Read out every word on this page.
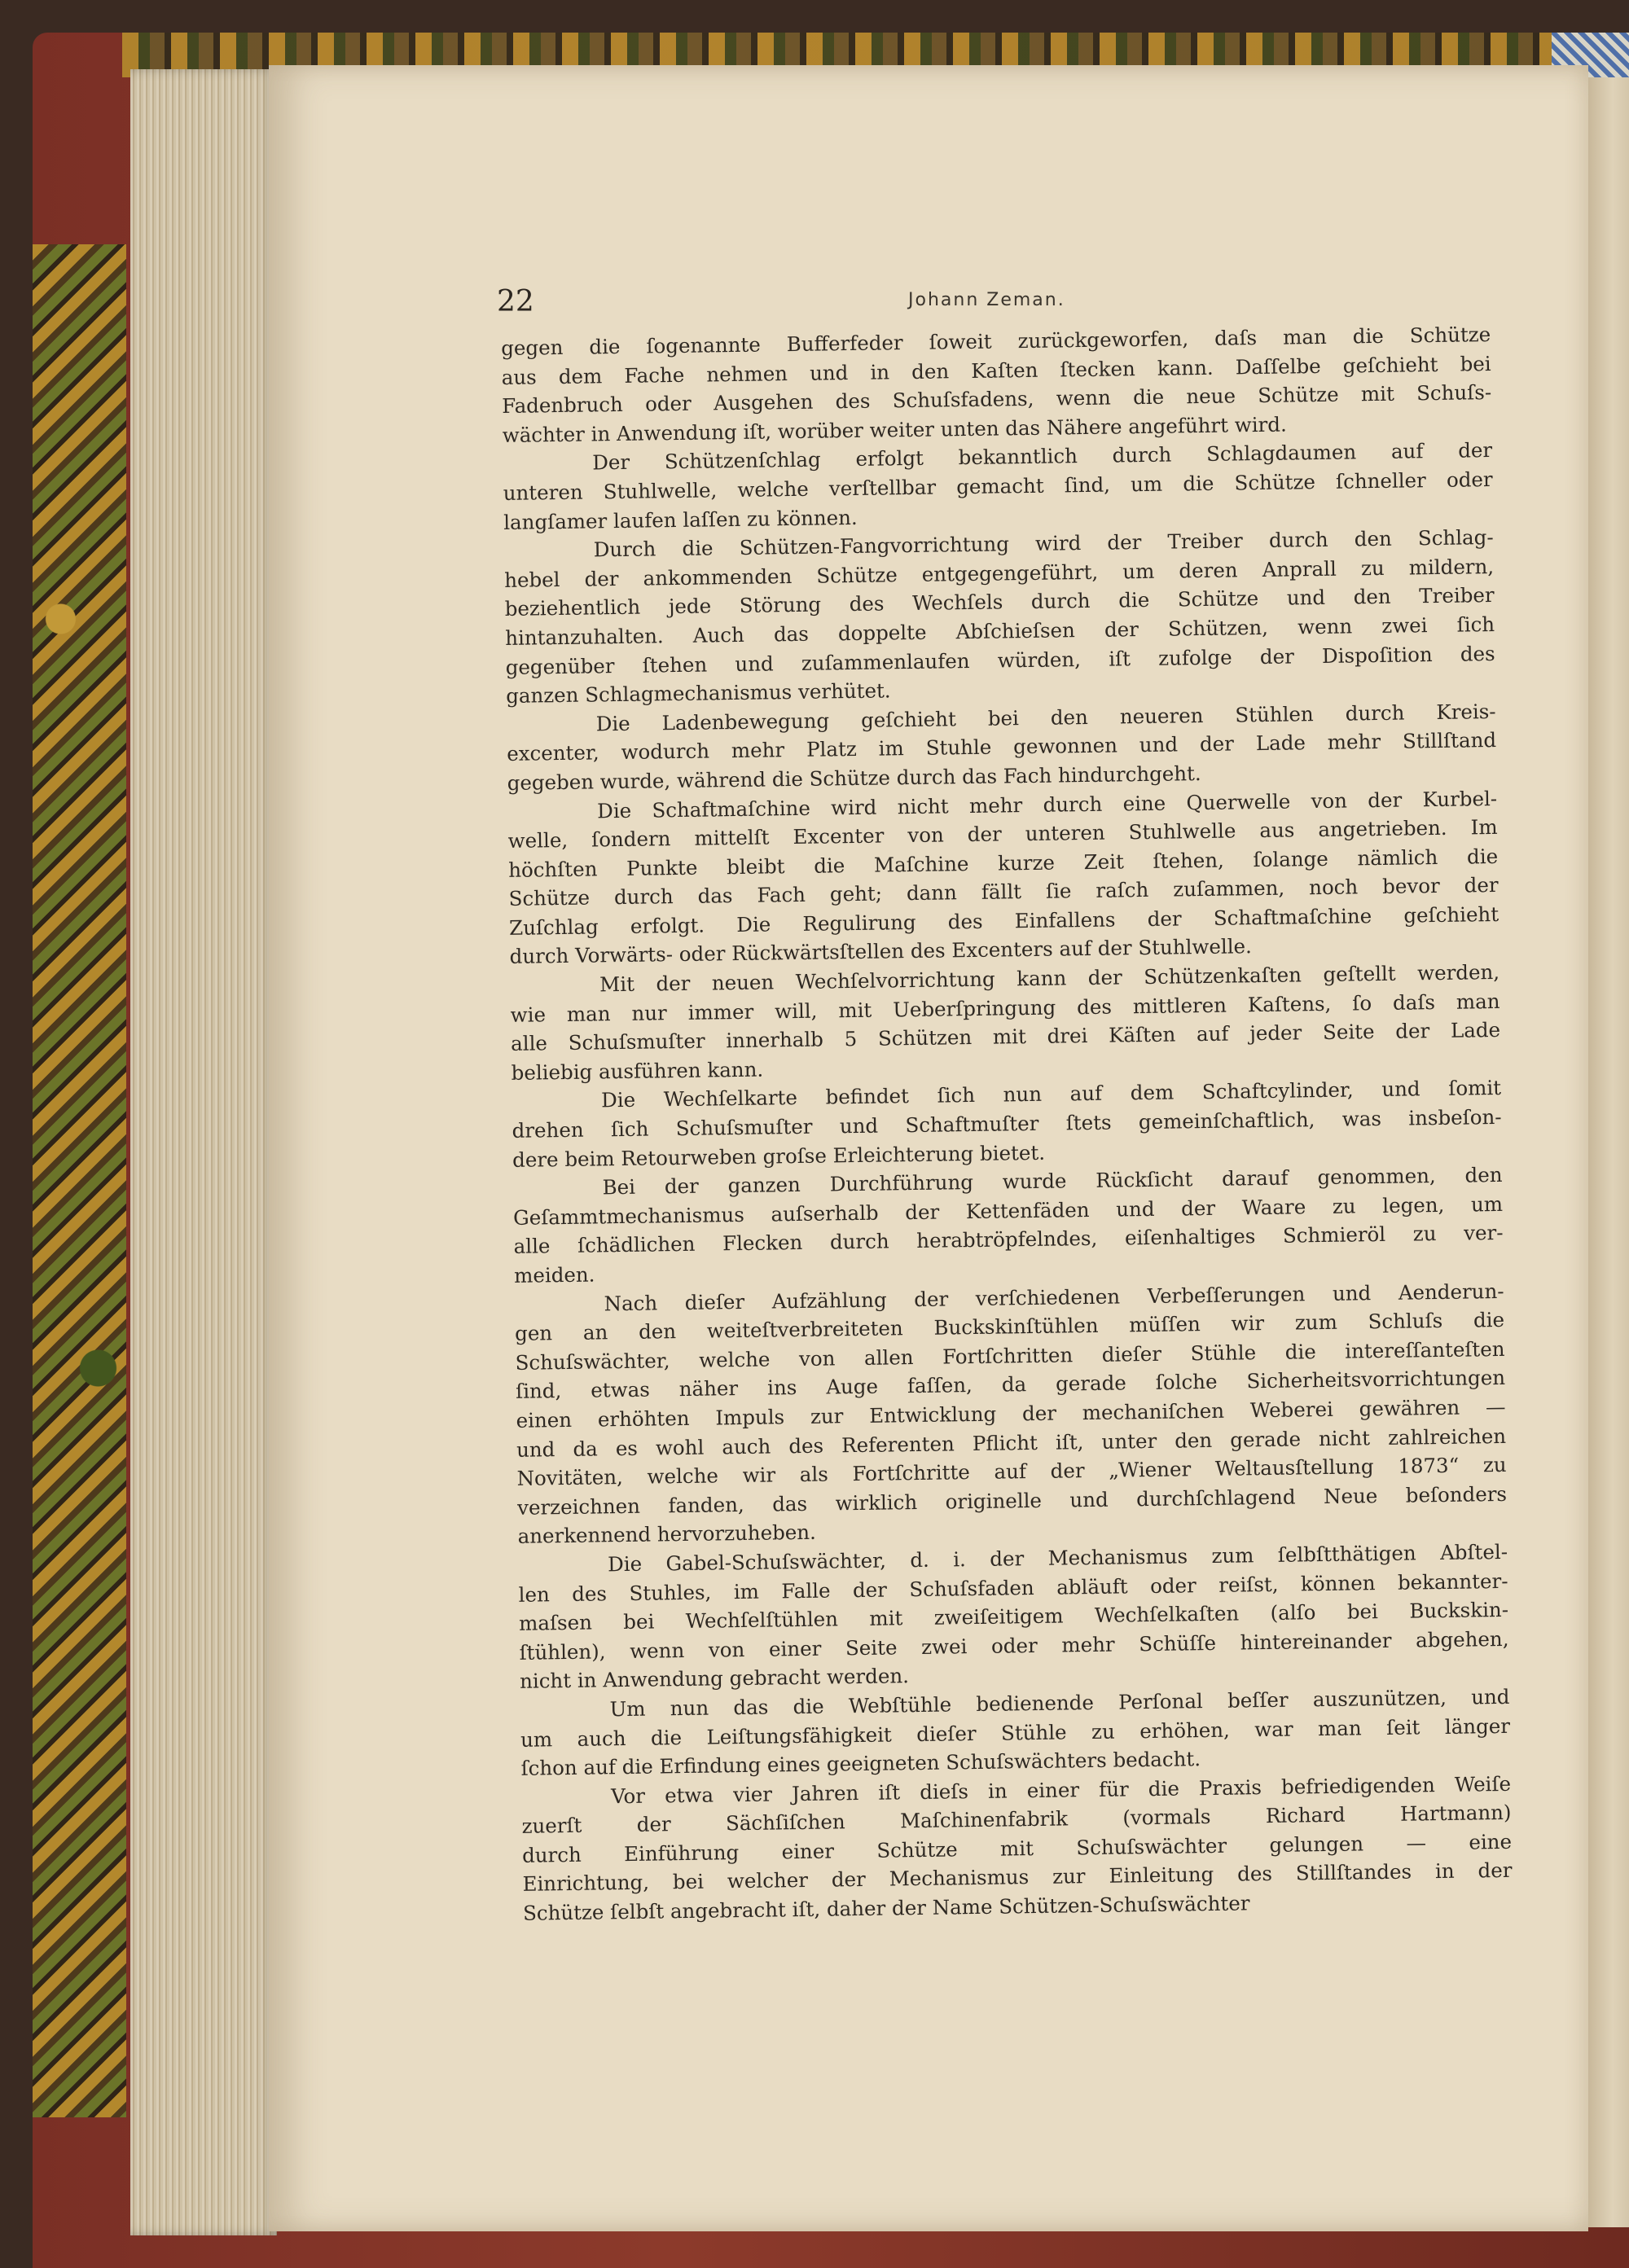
22	Johann Zeman.

gegen die ſogenannte Bufferfeder ſoweit zurückgeworfen, daſs man die Schütze

aus dem Fache nehmen und in den Kaſten ſtecken kann. Daſſelbe geſchieht bei

Fadenbruch oder Ausgehen des Schuſsfadens, wenn die neue Schütze mit Schuſs-

wächter in Anwendung iſt, worüber weiter unten das Nähere angeführt wird.

Der Schützenſchlag erfolgt bekanntlich durch Schlagdaumen auf der

unteren Stuhlwelle, welche verſtellbar gemacht ſind, um die Schütze ſchneller oder

langſamer laufen laſſen zu können.

Durch die Schützen-Fangvorrichtung wird der Treiber durch den Schlag-

hebel der ankommenden Schütze entgegengeführt, um deren Anprall zu mildern,

beziehentlich jede Störung des Wechſels durch die Schütze und den Treiber

hintanzuhalten. Auch das doppelte Abſchieſsen der Schützen, wenn zwei ſich

gegenüber ſtehen und zuſammenlaufen würden, iſt zufolge der Dispoſition des

ganzen Schlagmechanismus verhütet.

Die Ladenbewegung geſchieht bei den neueren Stühlen durch Kreis-

excenter, wodurch mehr Platz im Stuhle gewonnen und der Lade mehr Stillſtand

gegeben wurde, während die Schütze durch das Fach hindurchgeht.

Die Schaftmaſchine wird nicht mehr durch eine Querwelle von der Kurbel-

welle, ſondern mittelſt Excenter von der unteren Stuhlwelle aus angetrieben. Im

höchſten Punkte bleibt die Maſchine kurze Zeit ſtehen, ſolange nämlich die

Schütze durch das Fach geht; dann fällt ſie raſch zuſammen, noch bevor der

Zuſchlag erfolgt. Die Regulirung des Einfallens der Schaftmaſchine geſchieht

durch Vorwärts- oder Rückwärtsſtellen des Excenters auf der Stuhlwelle.

Mit der neuen Wechſelvorrichtung kann der Schützenkaſten geſtellt werden,

wie man nur immer will, mit Ueberſpringung des mittleren Kaſtens, ſo daſs man

alle Schuſsmuſter innerhalb 5 Schützen mit drei Käſten auf jeder Seite der Lade

beliebig ausführen kann.

Die Wechſelkarte befindet ſich nun auf dem Schaftcylinder, und ſomit

drehen ſich Schuſsmuſter und Schaftmuſter ſtets gemeinſchaftlich, was insbeſon-

dere beim Retourweben groſse Erleichterung bietet.

Bei der ganzen Durchführung wurde Rückſicht darauf genommen, den

Geſammtmechanismus auſserhalb der Kettenfäden und der Waare zu legen, um

alle ſchädlichen Flecken durch herabtröpfelndes, eiſenhaltiges Schmieröl zu ver-

meiden.

Nach dieſer Aufzählung der verſchiedenen Verbeſſerungen und Aenderun-

gen an den weiteſtverbreiteten Buckskinſtühlen müſſen wir zum Schluſs die

Schuſswächter, welche von allen Fortſchritten dieſer Stühle die intereſſanteſten

ſind, etwas näher ins Auge faſſen, da gerade ſolche Sicherheitsvorrichtungen

einen erhöhten Impuls zur Entwicklung der mechaniſchen Weberei gewähren —

und da es wohl auch des Referenten Pflicht iſt, unter den gerade nicht zahlreichen

Novitäten, welche wir als Fortſchritte auf der „Wiener Weltausſtellung 1873“ zu

verzeichnen fanden, das wirklich originelle und durchſchlagend Neue beſonders

anerkennend hervorzuheben.

Die Gabel-Schuſswächter, d. i. der Mechanismus zum ſelbſtthätigen Abſtel-

len des Stuhles, im Falle der Schuſsfaden abläuft oder reiſst, können bekannter-

maſsen bei Wechſelſtühlen mit zweiſeitigem Wechſelkaſten (alſo bei Buckskin-

ſtühlen), wenn von einer Seite zwei oder mehr Schüſſe hintereinander abgehen,

nicht in Anwendung gebracht werden.

Um nun das die Webſtühle bedienende Perſonal beſſer auszunützen, und

um auch die Leiſtungsfähigkeit dieſer Stühle zu erhöhen, war man ſeit länger

ſchon auf die Erfindung eines geeigneten Schuſswächters bedacht.

Vor etwa vier Jahren iſt dieſs in einer für die Praxis befriedigenden Weiſe

zuerſt der Sächſiſchen Maſchinenfabrik (vormals Richard Hartmann)

durch Einführung einer Schütze mit Schuſswächter gelungen — eine

Einrichtung, bei welcher der Mechanismus zur Einleitung des Stillſtandes in der

Schütze ſelbſt angebracht iſt, daher der Name Schützen-Schuſswächter
